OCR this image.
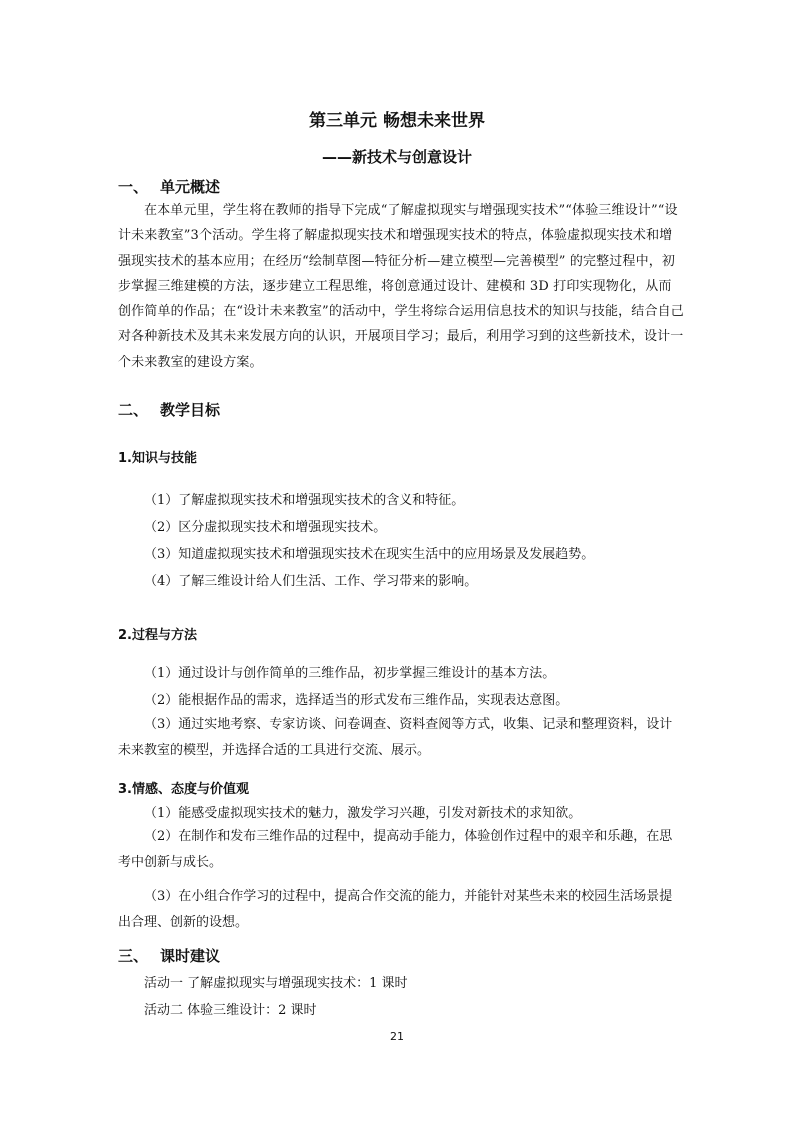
第三单元 畅想未来世界
——新技术与创意设计
一、 单元概述
在本单元里，学生将在教师的指导下完成“了解虚拟现实与增强现实技术”“体验三维设计”“设计未来教室”3个活动。学生将了解虚拟现实技术和增强现实技术的特点，体验虚拟现实技术和增强现实技术的基本应用；在经历“绘制草图—特征分析—建立模型—完善模型” 的完整过程中，初步掌握三维建模的方法，逐步建立工程思维，将创意通过设计、建模和 3D 打印实现物化，从而创作简单的作品；在“设计未来教室”的活动中，学生将综合运用信息技术的知识与技能，结合自己对各种新技术及其未来发展方向的认识，开展项目学习；最后，利用学习到的这些新技术，设计一个未来教室的建设方案。
二、 教学目标
1.知识与技能
（1）了解虚拟现实技术和增强现实技术的含义和特征。
（2）区分虚拟现实技术和增强现实技术。
（3）知道虚拟现实技术和增强现实技术在现实生活中的应用场景及发展趋势。
（4）了解三维设计给人们生活、工作、学习带来的影响。
2.过程与方法
（1）通过设计与创作简单的三维作品，初步掌握三维设计的基本方法。
（2）能根据作品的需求，选择适当的形式发布三维作品，实现表达意图。
（3）通过实地考察、专家访谈、问卷调查、资料查阅等方式，收集、记录和整理资料，设计未来教室的模型，并选择合适的工具进行交流、展示。
3.情感、态度与价值观
（1）能感受虚拟现实技术的魅力，激发学习兴趣，引发对新技术的求知欲。
（2）在制作和发布三维作品的过程中，提高动手能力，体验创作过程中的艰辛和乐趣，在思考中创新与成长。
（3）在小组合作学习的过程中，提高合作交流的能力，并能针对某些未来的校园生活场景提出合理、创新的设想。
三、 课时建议
活动一 了解虚拟现实与增强现实技术：1 课时
活动二 体验三维设计：2 课时
21
